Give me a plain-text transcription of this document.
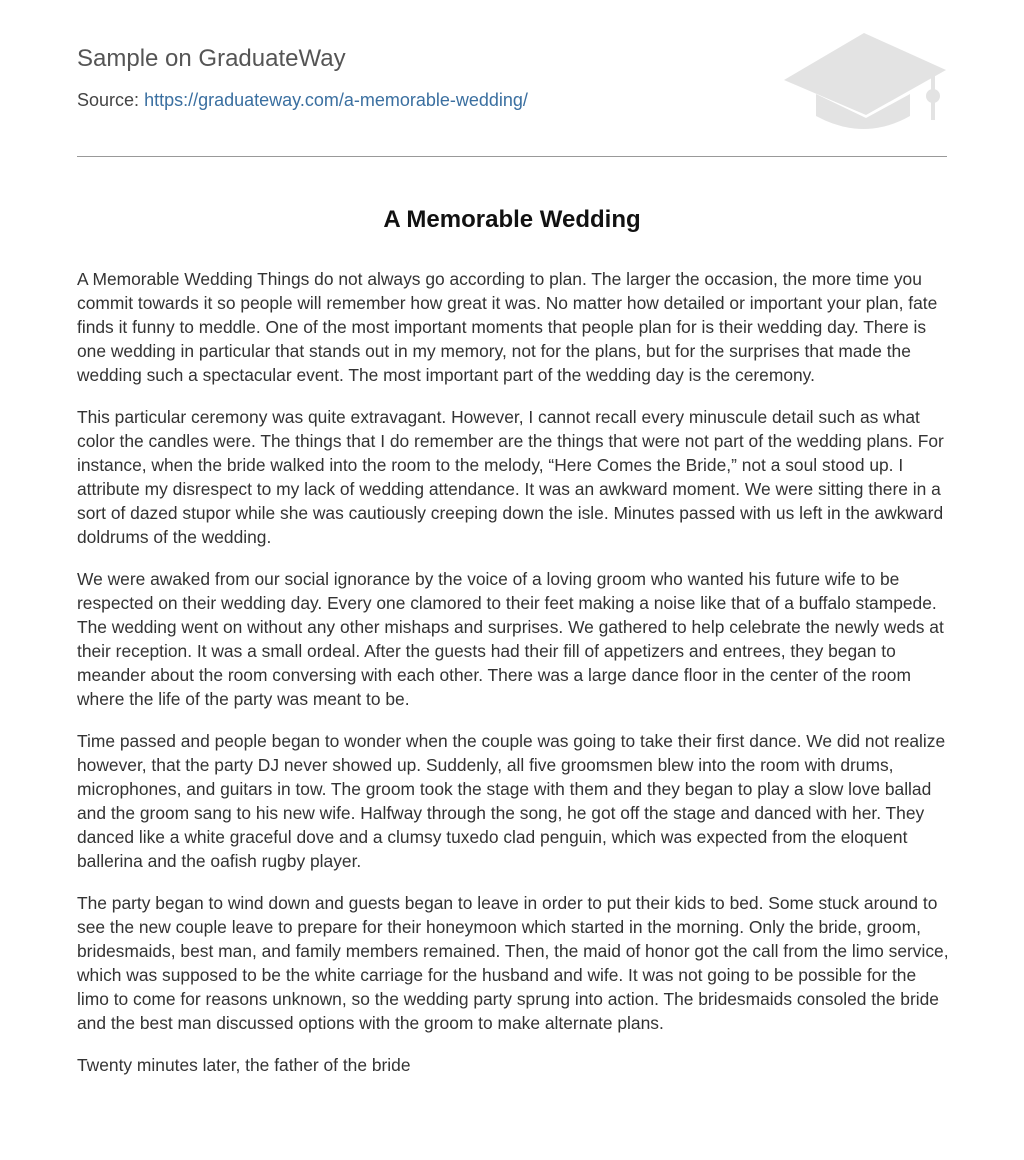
Sample on GraduateWay
Source: https://graduateway.com/a-memorable-wedding/
A Memorable Wedding

A Memorable Wedding Things do not always go according to plan. The larger the occasion, the more time you commit towards it so people will remember how great it was. No matter how detailed or important your plan, fate finds it funny to meddle. One of the most important moments that people plan for is their wedding day. There is one wedding in particular that stands out in my memory, not for the plans, but for the surprises that made the wedding such a spectacular event. The most important part of the wedding day is the ceremony.

This particular ceremony was quite extravagant. However, I cannot recall every minuscule detail such as what color the candles were. The things that I do remember are the things that were not part of the wedding plans. For instance, when the bride walked into the room to the melody, “Here Comes the Bride,” not a soul stood up. I attribute my disrespect to my lack of wedding attendance. It was an awkward moment. We were sitting there in a sort of dazed stupor while she was cautiously creeping down the isle. Minutes passed with us left in the awkward doldrums of the wedding.

We were awaked from our social ignorance by the voice of a loving groom who wanted his future wife to be respected on their wedding day. Every one clamored to their feet making a noise like that of a buffalo stampede. The wedding went on without any other mishaps and surprises. We gathered to help celebrate the newly weds at their reception. It was a small ordeal. After the guests had their fill of appetizers and entrees, they began to meander about the room conversing with each other. There was a large dance floor in the center of the room where the life of the party was meant to be.

Time passed and people began to wonder when the couple was going to take their first dance. We did not realize however, that the party DJ never showed up. Suddenly, all five groomsmen blew into the room with drums, microphones, and guitars in tow. The groom took the stage with them and they began to play a slow love ballad and the groom sang to his new wife. Halfway through the song, he got off the stage and danced with her. They danced like a white graceful dove and a clumsy tuxedo clad penguin, which was expected from the eloquent ballerina and the oafish rugby player.

The party began to wind down and guests began to leave in order to put their kids to bed. Some stuck around to see the new couple leave to prepare for their honeymoon which started in the morning. Only the bride, groom, bridesmaids, best man, and family members remained. Then, the maid of honor got the call from the limo service, which was supposed to be the white carriage for the husband and wife. It was not going to be possible for the limo to come for reasons unknown, so the wedding party sprung into action. The bridesmaids consoled the bride and the best man discussed options with the groom to make alternate plans.

Twenty minutes later, the father of the bride
